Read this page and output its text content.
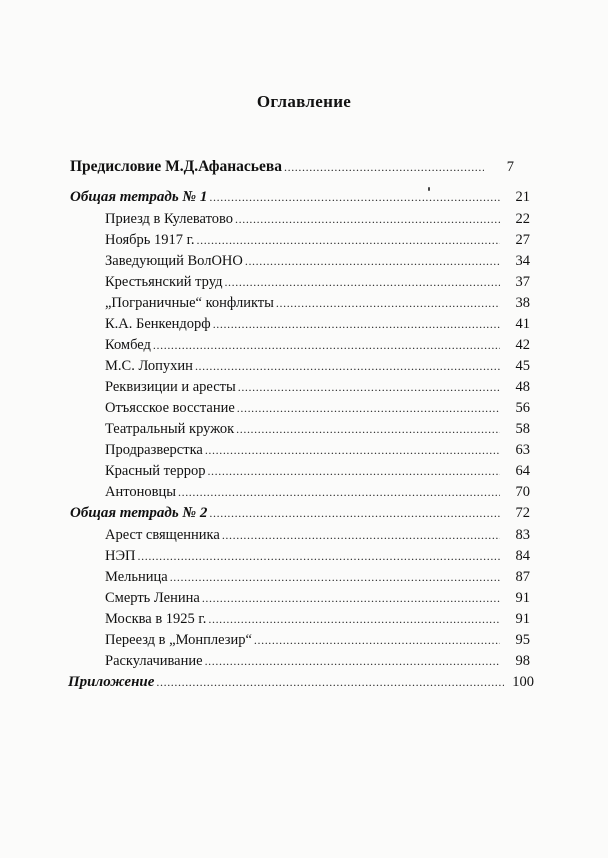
Оглавление
Предисловие М.Д.Афанасьева .....	7
Общая тетрадь № 1 .....	21
Приезд в Кулеватово .....	22
Ноябрь 1917 г. .....	27
Заведующий ВолОНО .....	34
Крестьянский труд .....	37
„Пограничные“ конфликты .....	38
К.А. Бенкендорф .....	41
Комбед .....	42
М.С. Лопухин .....	45
Реквизиции и аресты .....	48
Отъясское восстание .....	56
Театральный кружок .....	58
Продразверстка .....	63
Красный террор .....	64
Антоновцы .....	70
Общая тетрадь № 2 .....	72
Арест священника .....	83
НЭП .....	84
Мельница .....	87
Смерть Ленина .....	91
Москва в 1925 г. .....	91
Переезд в „Монплезир“ .....	95
Раскулачивание .....	98
Приложение .....	100
